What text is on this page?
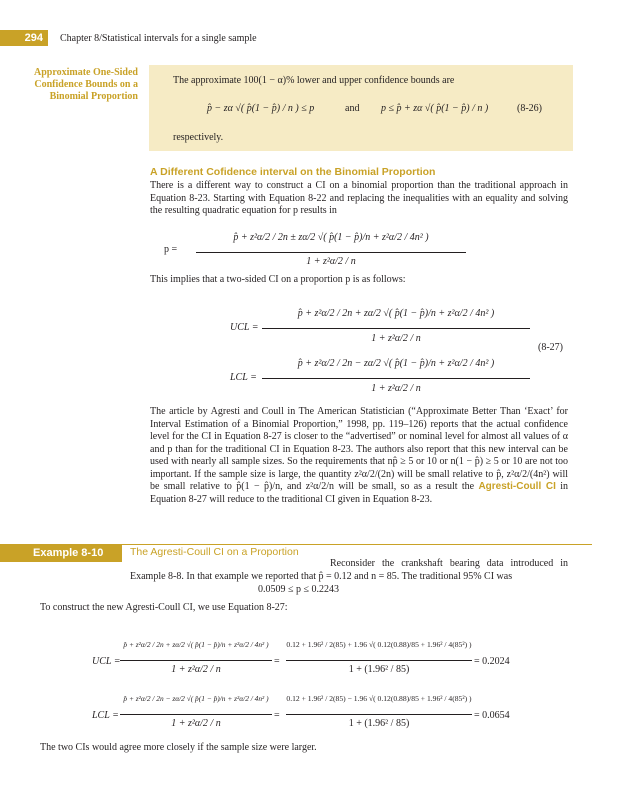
294	Chapter 8/Statistical intervals for a single sample
Approximate One-Sided Confidence Bounds on a Binomial Proportion
The approximate 100(1 − α)% lower and upper confidence bounds are
p̂ − zα √( p̂(1 − p̂) / n ) ≤ p	and p ≤ p̂ + zα √( p̂(1 − p̂) / n )	(8-26)
respectively.
A Different Cofidence interval on the Binomial Proportion
There is a different way to construct a CI on a binomial proportion than the traditional approach in Equation 8-23. Starting with Equation 8-22 and replacing the inequalities with an equality and solving the resulting quadratic equation for p results in
p =
p̂ + z²α/2 / 2n ± zα/2 √( p̂(1 − p̂)/n + z²α/2 / 4n² )
1 + z²α/2 / n
This implies that a two-sided CI on a proportion p is as follows:
UCL =
p̂ + z²α/2 / 2n + zα/2 √( p̂(1 − p̂)/n + z²α/2 / 4n² )
1 + z²α/2 / n
(8-27)
LCL =
p̂ + z²α/2 / 2n − zα/2 √( p̂(1 − p̂)/n + z²α/2 / 4n² )
1 + z²α/2 / n
The article by Agresti and Coull in The American Statistician (“Approximate Better Than ‘Exact’ for Interval Estimation of a Binomial Proportion,” 1998, pp. 119–126) reports that the actual confidence level for the CI in Equation 8-27 is closer to the “advertised” or nominal level for almost all values of α and p than for the traditional CI in Equation 8-23. The authors also report that this new interval can be used with nearly all sample sizes. So the requirements that np̂ ≥ 5 or 10 or n(1 − p̂) ≥ 5 or 10 are not too important. If the sample size is large, the quantity z²α/2/(2n) will be small relative to p̂, z²α/2/(4n²) will be small relative to p̂(1 − p̂)/n, and z²α/2/n will be small, so as a result the Agresti-Coull CI in Equation 8-27 will reduce to the traditional CI given in Equation 8-23.
Example 8-10	The Agresti-Coull CI on a Proportion
Reconsider the crankshaft bearing data introduced in Example 8-8. In that example we reported that p̂ = 0.12 and n = 85. The traditional 95% CI was
0.0509 ≤ p ≤ 0.2243
To construct the new Agresti-Coull CI, we use Equation 8-27:
UCL =
p̂ + z²α/2 / 2n + zα/2 √( p̂(1 − p̂)/n + z²α/2 / 4n² )
1 + z²α/2 / n
=
0.12 + 1.96² / 2(85) + 1.96 √( 0.12(0.88)/85 + 1.96² / 4(85²) )
1 + (1.96² / 85)
= 0.2024
LCL =
p̂ + z²α/2 / 2n − zα/2 √( p̂(1 − p̂)/n + z²α/2 / 4n² )
1 + z²α/2 / n
=
0.12 + 1.96² / 2(85) − 1.96 √( 0.12(0.88)/85 + 1.96² / 4(85²) )
1 + (1.96² / 85)
= 0.0654
The two CIs would agree more closely if the sample size were larger.
